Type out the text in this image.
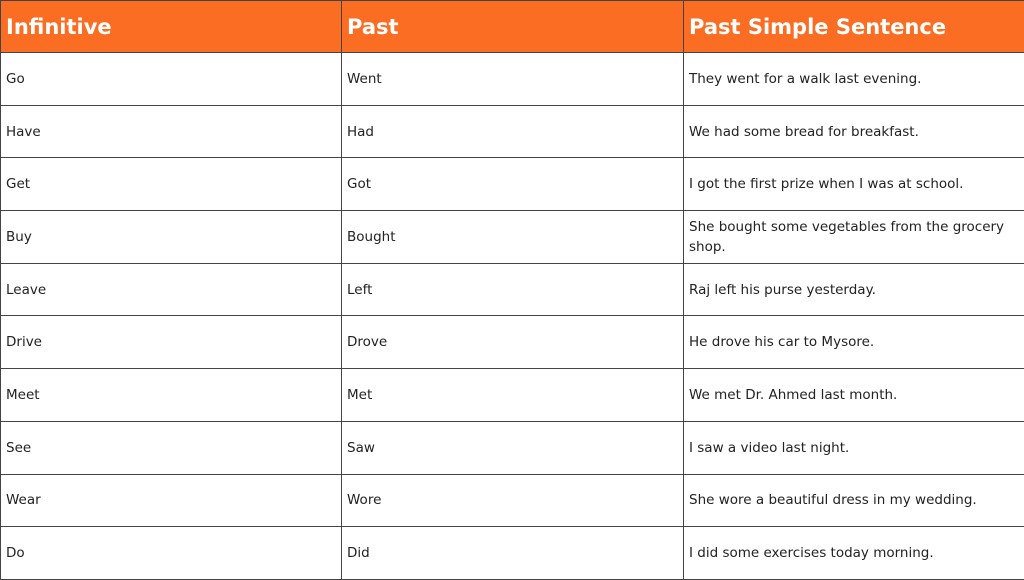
Infinitive	Past	Past Simple Sentence
Go	Went	They went for a walk last evening.
Have	Had	We had some bread for breakfast.
Get	Got	I got the first prize when I was at school.
Buy	Bought	She bought some vegetables from the grocery shop.
Leave	Left	Raj left his purse yesterday.
Drive	Drove	He drove his car to Mysore.
Meet	Met	We met Dr. Ahmed last month.
See	Saw	I saw a video last night.
Wear	Wore	She wore a beautiful dress in my wedding.
Do	Did	I did some exercises today morning.
